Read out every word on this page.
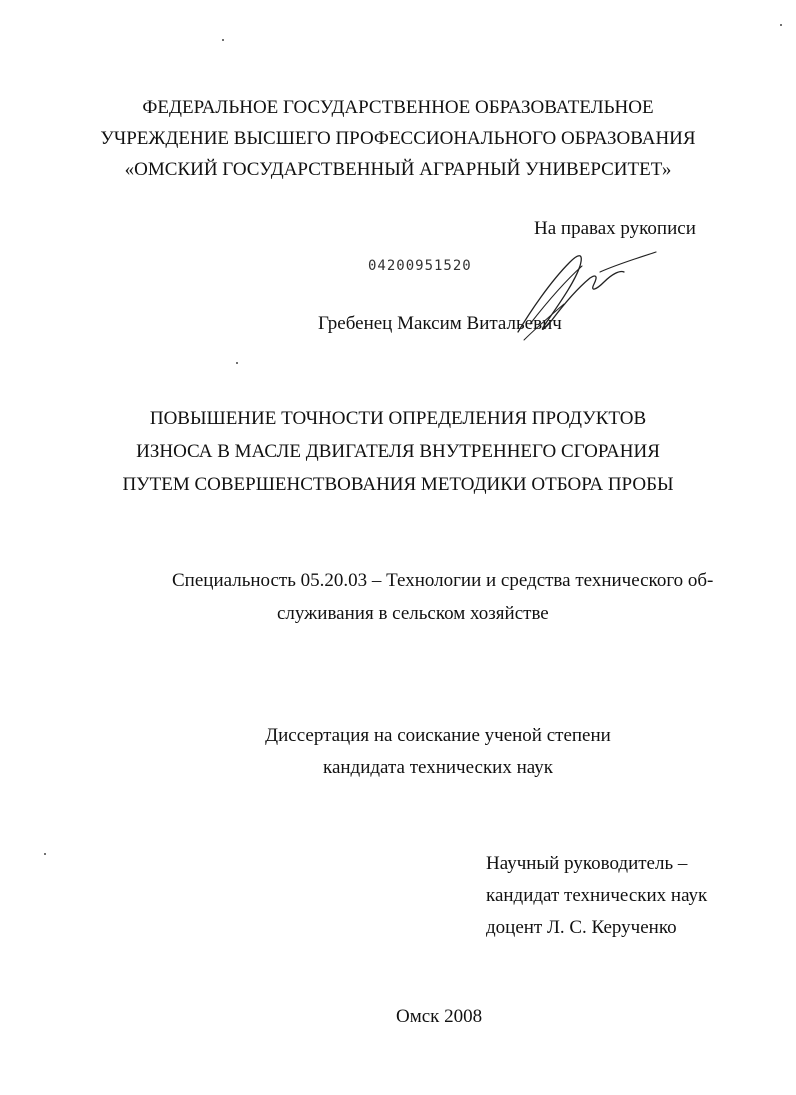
ФЕДЕРАЛЬНОЕ ГОСУДАРСТВЕННОЕ ОБРАЗОВАТЕЛЬНОЕ
УЧРЕЖДЕНИЕ ВЫСШЕГО ПРОФЕССИОНАЛЬНОГО ОБРАЗОВАНИЯ
«ОМСКИЙ ГОСУДАРСТВЕННЫЙ АГРАРНЫЙ УНИВЕРСИТЕТ»
На правах рукописи
04200951520
Гребенец Максим Витальевич
ПОВЫШЕНИЕ ТОЧНОСТИ ОПРЕДЕЛЕНИЯ ПРОДУКТОВ
ИЗНОСА В МАСЛЕ ДВИГАТЕЛЯ ВНУТРЕННЕГО СГОРАНИЯ
ПУТЕМ СОВЕРШЕНСТВОВАНИЯ МЕТОДИКИ ОТБОРА ПРОБЫ
Специальность 05.20.03 – Технологии и средства технического об-
служивания в сельском хозяйстве
Диссертация на соискание ученой степени
кандидата технических наук
Научный руководитель –
кандидат технических наук
доцент Л. С. Керученко
Омск 2008
